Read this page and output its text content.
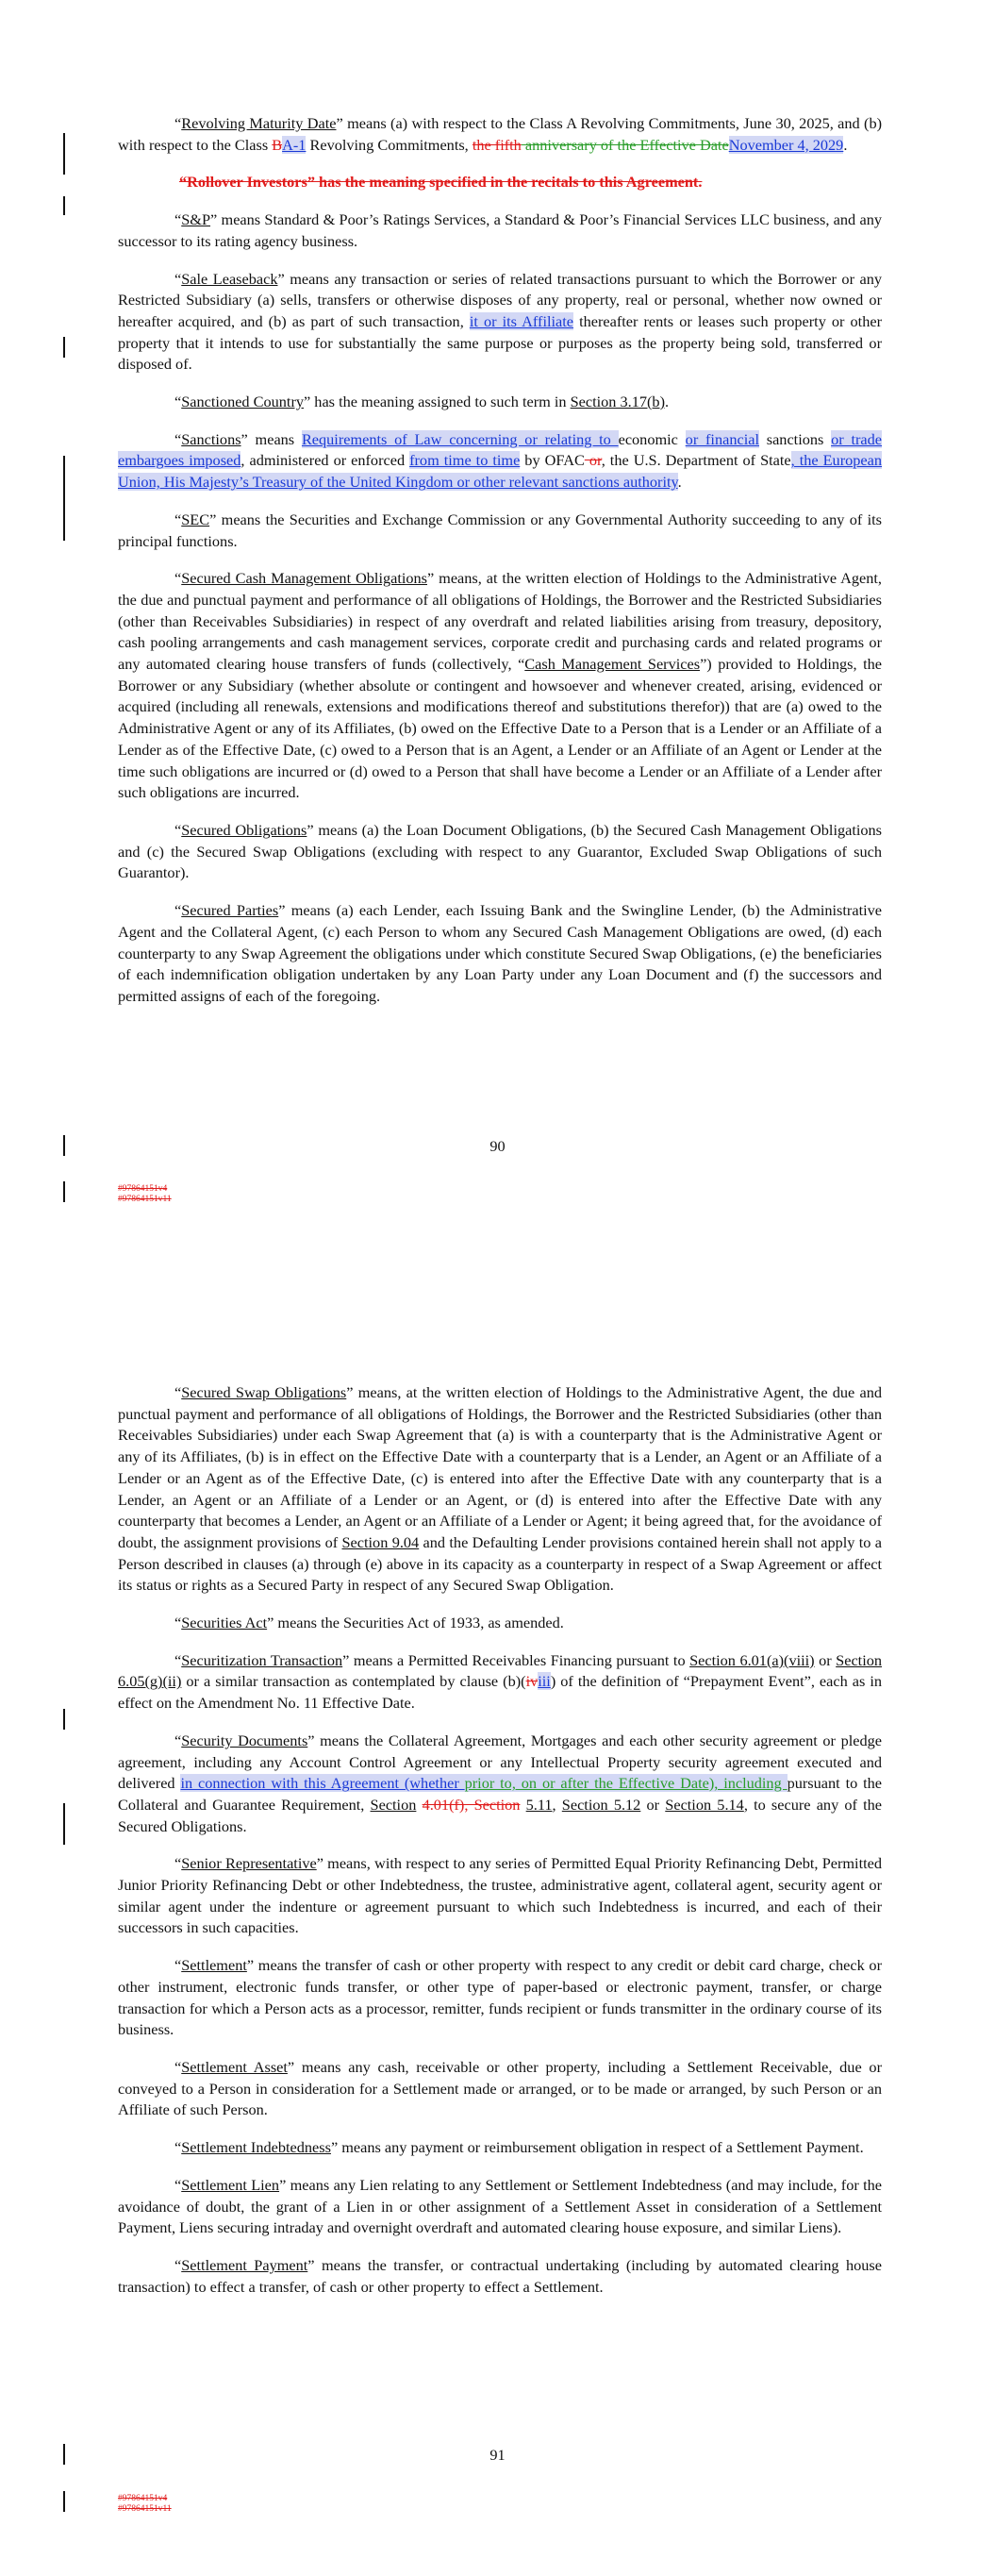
“Revolving Maturity Date” means (a) with respect to the Class A Revolving Commitments, June 30, 2025, and (b) with respect to the Class BA-1 Revolving Commitments, the fifth anniversary of the Effective DateNovember 4, 2029.

“Rollover Investors” has the meaning specified in the recitals to this Agreement.

“S&P” means Standard & Poor’s Ratings Services, a Standard & Poor’s Financial Services LLC business, and any successor to its rating agency business.

“Sale Leaseback” means any transaction or series of related transactions pursuant to which the Borrower or any Restricted Subsidiary (a) sells, transfers or otherwise disposes of any property, real or personal, whether now owned or hereafter acquired, and (b) as part of such transaction, it or its Affiliate thereafter rents or leases such property or other property that it intends to use for substantially the same purpose or purposes as the property being sold, transferred or disposed of.

“Sanctioned Country” has the meaning assigned to such term in Section 3.17(b).

“Sanctions” means Requirements of Law concerning or relating to economic or financial sanctions or trade embargoes imposed, administered or enforced from time to time by OFAC or, the U.S. Department of State, the European Union, His Majesty’s Treasury of the United Kingdom or other relevant sanctions authority.

“SEC” means the Securities and Exchange Commission or any Governmental Authority succeeding to any of its principal functions.

“Secured Cash Management Obligations” means, at the written election of Holdings to the Administrative Agent, the due and punctual payment and performance of all obligations of Holdings, the Borrower and the Restricted Subsidiaries (other than Receivables Subsidiaries) in respect of any overdraft and related liabilities arising from treasury, depository, cash pooling arrangements and cash management services, corporate credit and purchasing cards and related programs or any automated clearing house transfers of funds (collectively, “Cash Management Services”) provided to Holdings, the Borrower or any Subsidiary (whether absolute or contingent and howsoever and whenever created, arising, evidenced or acquired (including all renewals, extensions and modifications thereof and substitutions therefor)) that are (a) owed to the Administrative Agent or any of its Affiliates, (b) owed on the Effective Date to a Person that is a Lender or an Affiliate of a Lender as of the Effective Date, (c) owed to a Person that is an Agent, a Lender or an Affiliate of an Agent or Lender at the time such obligations are incurred or (d) owed to a Person that shall have become a Lender or an Affiliate of a Lender after such obligations are incurred.

“Secured Obligations” means (a) the Loan Document Obligations, (b) the Secured Cash Management Obligations and (c) the Secured Swap Obligations (excluding with respect to any Guarantor, Excluded Swap Obligations of such Guarantor).

“Secured Parties” means (a) each Lender, each Issuing Bank and the Swingline Lender, (b) the Administrative Agent and the Collateral Agent, (c) each Person to whom any Secured Cash Management Obligations are owed, (d) each counterparty to any Swap Agreement the obligations under which constitute Secured Swap Obligations, (e) the beneficiaries of each indemnification obligation undertaken by any Loan Party under any Loan Document and (f) the successors and permitted assigns of each of the foregoing.

90
#97864151v4
#97864151v11

“Secured Swap Obligations” means, at the written election of Holdings to the Administrative Agent, the due and punctual payment and performance of all obligations of Holdings, the Borrower and the Restricted Subsidiaries (other than Receivables Subsidiaries) under each Swap Agreement that (a) is with a counterparty that is the Administrative Agent or any of its Affiliates, (b) is in effect on the Effective Date with a counterparty that is a Lender, an Agent or an Affiliate of a Lender or an Agent as of the Effective Date, (c) is entered into after the Effective Date with any counterparty that is a Lender, an Agent or an Affiliate of a Lender or an Agent, or (d) is entered into after the Effective Date with any counterparty that becomes a Lender, an Agent or an Affiliate of a Lender or Agent; it being agreed that, for the avoidance of doubt, the assignment provisions of Section 9.04 and the Defaulting Lender provisions contained herein shall not apply to a Person described in clauses (a) through (e) above in its capacity as a counterparty in respect of a Swap Agreement or affect its status or rights as a Secured Party in respect of any Secured Swap Obligation.

“Securities Act” means the Securities Act of 1933, as amended.

“Securitization Transaction” means a Permitted Receivables Financing pursuant to Section 6.01(a)(viii) or Section 6.05(g)(ii) or a similar transaction as contemplated by clause (b)(iviii) of the definition of “Prepayment Event”, each as in effect on the Amendment No. 11 Effective Date.

“Security Documents” means the Collateral Agreement, Mortgages and each other security agreement or pledge agreement, including any Account Control Agreement or any Intellectual Property security agreement executed and delivered in connection with this Agreement (whether prior to, on or after the Effective Date), including pursuant to the Collateral and Guarantee Requirement, Section 4.01(f), Section 5.11, Section 5.12 or Section 5.14, to secure any of the Secured Obligations.

“Senior Representative” means, with respect to any series of Permitted Equal Priority Refinancing Debt, Permitted Junior Priority Refinancing Debt or other Indebtedness, the trustee, administrative agent, collateral agent, security agent or similar agent under the indenture or agreement pursuant to which such Indebtedness is incurred, and each of their successors in such capacities.

“Settlement” means the transfer of cash or other property with respect to any credit or debit card charge, check or other instrument, electronic funds transfer, or other type of paper-based or electronic payment, transfer, or charge transaction for which a Person acts as a processor, remitter, funds recipient or funds transmitter in the ordinary course of its business.

“Settlement Asset” means any cash, receivable or other property, including a Settlement Receivable, due or conveyed to a Person in consideration for a Settlement made or arranged, or to be made or arranged, by such Person or an Affiliate of such Person.

“Settlement Indebtedness” means any payment or reimbursement obligation in respect of a Settlement Payment.

“Settlement Lien” means any Lien relating to any Settlement or Settlement Indebtedness (and may include, for the avoidance of doubt, the grant of a Lien in or other assignment of a Settlement Asset in consideration of a Settlement Payment, Liens securing intraday and overnight overdraft and automated clearing house exposure, and similar Liens).

“Settlement Payment” means the transfer, or contractual undertaking (including by automated clearing house transaction) to effect a transfer, of cash or other property to effect a Settlement.

91
#97864151v4
#97864151v11
